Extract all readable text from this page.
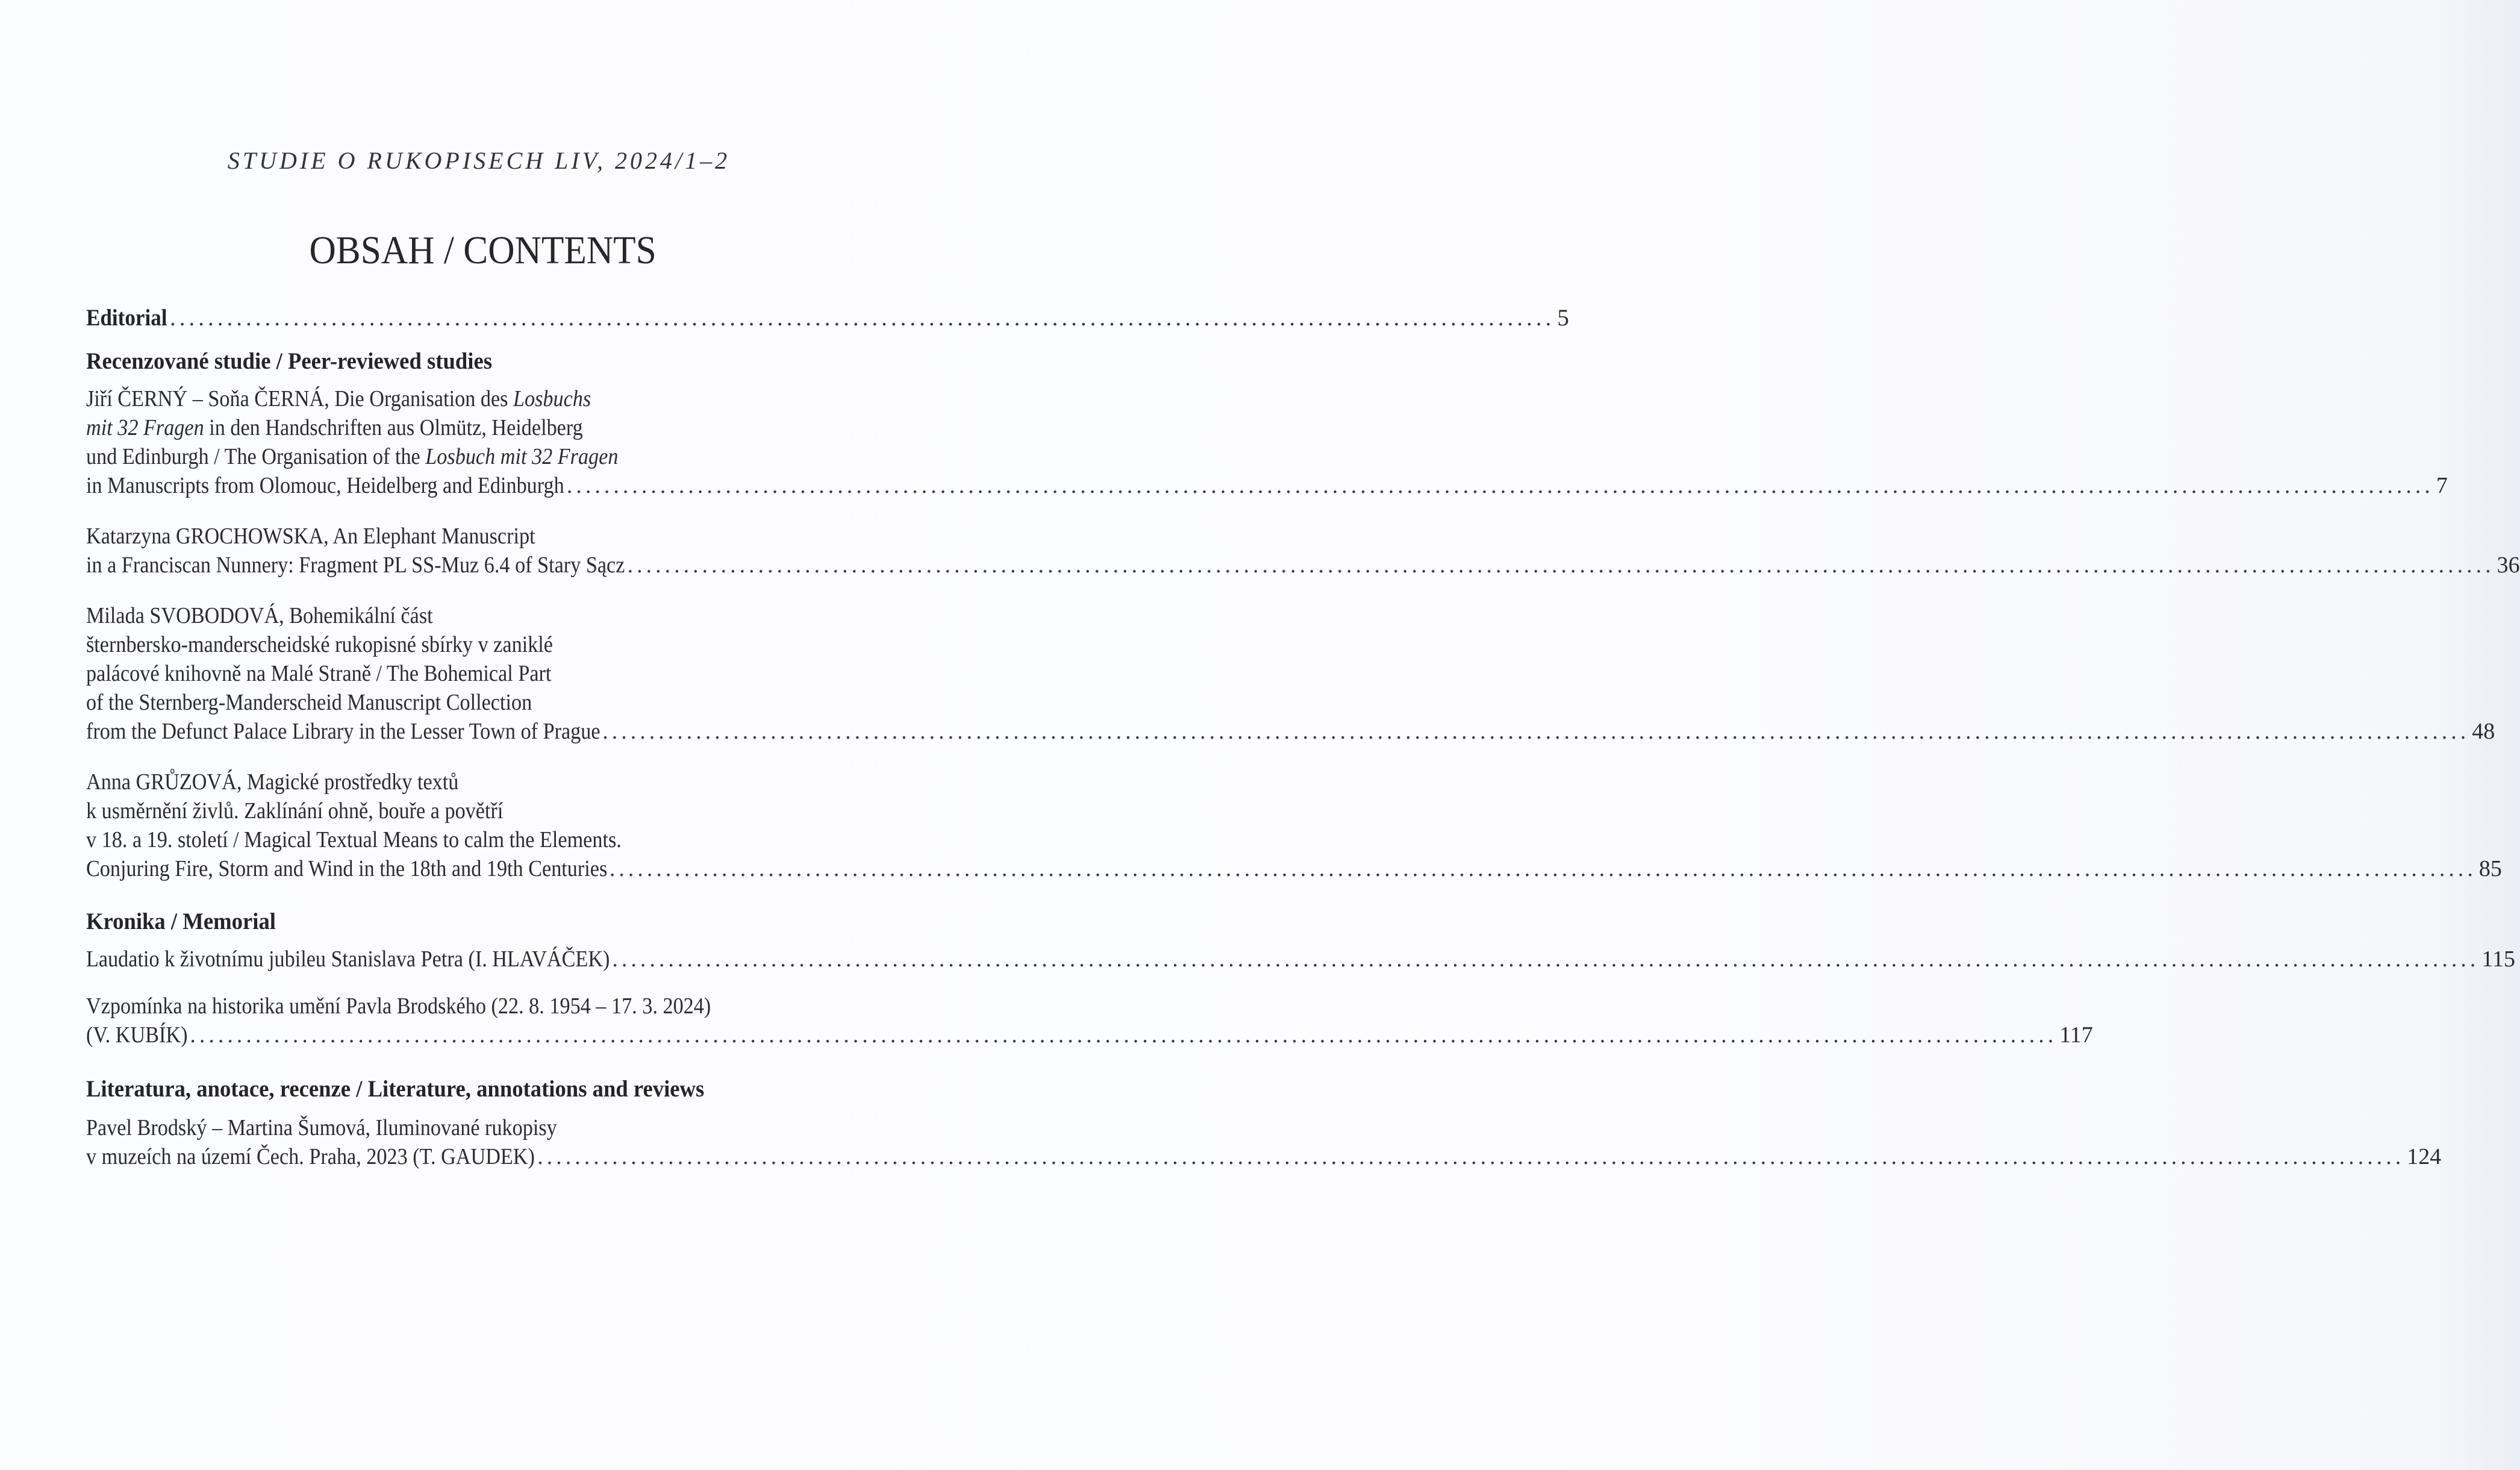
STUDIE O RUKOPISECH LIV, 2024/1–2
OBSAH / CONTENTS
Editorial .................................................................................................................................................. 5
Recenzované studie / Peer-reviewed studies
Jiří ČERNÝ – Soňa ČERNÁ, Die Organisation des Losbuchs
mit 32 Fragen in den Handschriften aus Olmütz, Heidelberg
und Edinburgh / The Organisation of the Losbuch mit 32 Fragen
in Manuscripts from Olomouc, Heidelberg and Edinburgh ........................................................................................................................................................................................................ 7
Katarzyna GROCHOWSKA, An Elephant Manuscript
in a Franciscan Nunnery: Fragment PL SS-Muz 6.4 of Stary Sącz ........................................................................................................................................................................................................ 36
Milada SVOBODOVÁ, Bohemikální část
šternbersko-manderscheidské rukopisné sbírky v zaniklé
palácové knihovně na Malé Straně / The Bohemical Part
of the Sternberg-Manderscheid Manuscript Collection
from the Defunct Palace Library in the Lesser Town of Prague ........................................................................................................................................................................................................ 48
Anna GRŮZOVÁ, Magické prostředky textů
k usměrnění živlů. Zaklínání ohně, bouře a povětří
v 18. a 19. století / Magical Textual Means to calm the Elements.
Conjuring Fire, Storm and Wind in the 18th and 19th Centuries ........................................................................................................................................................................................................ 85
Kronika / Memorial
Laudatio k životnímu jubileu Stanislava Petra (I. HLAVÁČEK) ........................................................................................................................................................................................................ 115
Vzpomínka na historika umění Pavla Brodského (22. 8. 1954 – 17. 3. 2024)
(V. KUBÍK) ........................................................................................................................................................................................................ 117
Literatura, anotace, recenze / Literature, annotations and reviews
Pavel Brodský – Martina Šumová, Iluminované rukopisy
v muzeích na území Čech. Praha, 2023 (T. GAUDEK) ........................................................................................................................................................................................................ 124
